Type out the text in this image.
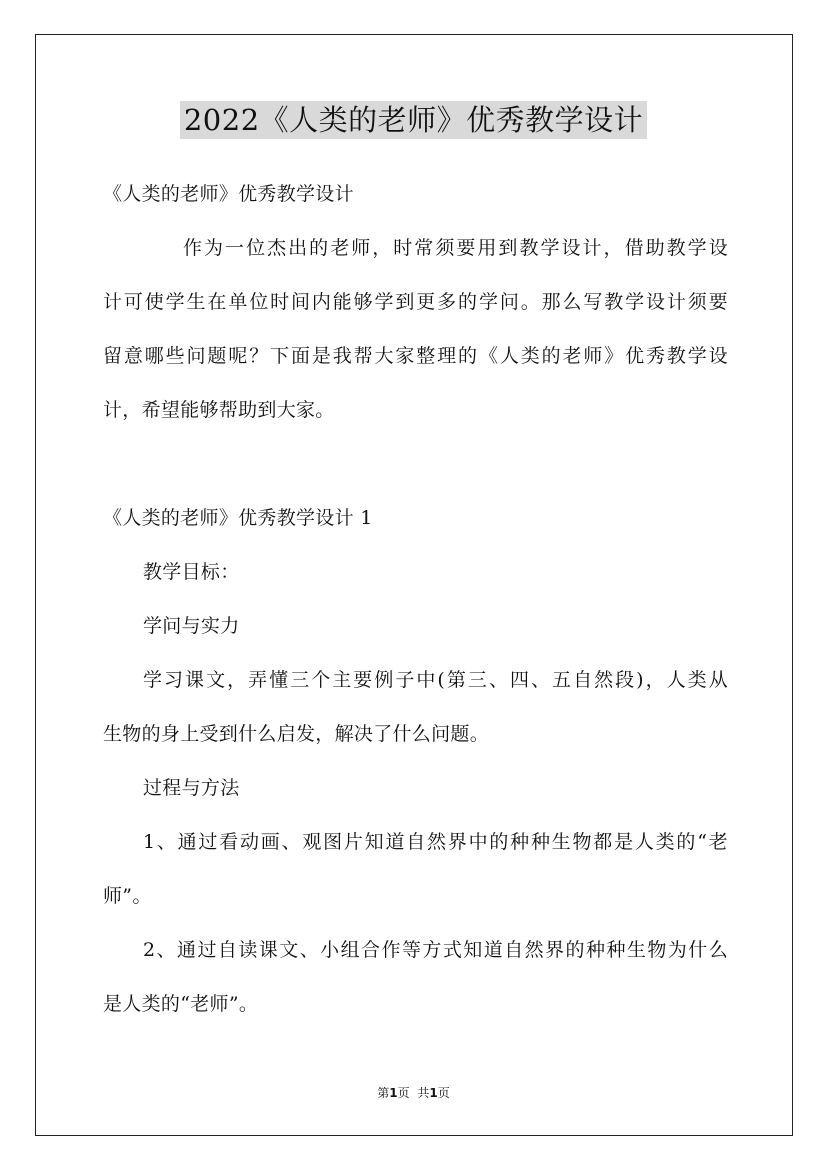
2022《人类的老师》优秀教学设计
《人类的老师》优秀教学设计
作为一位杰出的老师，时常须要用到教学设计，借助教学设
计可使学生在单位时间内能够学到更多的学问。那么写教学设计须要
留意哪些问题呢？下面是我帮大家整理的《人类的老师》优秀教学设
计，希望能够帮助到大家。
《人类的老师》优秀教学设计 1
教学目标：
学问与实力
学习课文，弄懂三个主要例子中(第三、四、五自然段)，人类从
生物的身上受到什么启发，解决了什么问题。
过程与方法
1、通过看动画、观图片知道自然界中的种种生物都是人类的“老
师”。
2、通过自读课文、小组合作等方式知道自然界的种种生物为什么
是人类的“老师”。
第1页 共1页
